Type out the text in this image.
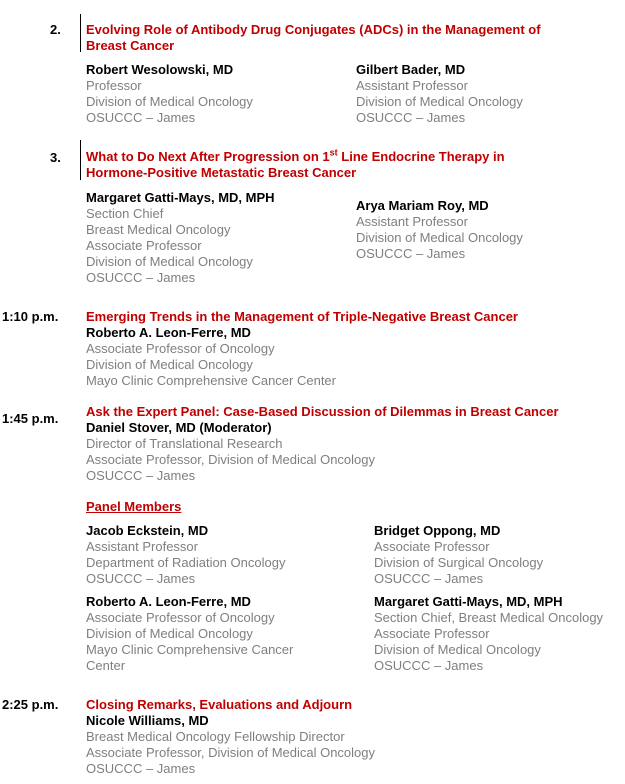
2. Evolving Role of Antibody Drug Conjugates (ADCs) in the Management of
Breast Cancer
Robert Wesolowski, MD
Professor
Division of Medical Oncology
OSUCCC – James
Gilbert Bader, MD
Assistant Professor
Division of Medical Oncology
OSUCCC – James
3. What to Do Next After Progression on 1st Line Endocrine Therapy in
Hormone-Positive Metastatic Breast Cancer
Margaret Gatti-Mays, MD, MPH
Section Chief
Breast Medical Oncology
Associate Professor
Division of Medical Oncology
OSUCCC – James
Arya Mariam Roy, MD
Assistant Professor
Division of Medical Oncology
OSUCCC – James
1:10 p.m. Emerging Trends in the Management of Triple-Negative Breast Cancer
Roberto A. Leon-Ferre, MD
Associate Professor of Oncology
Division of Medical Oncology
Mayo Clinic Comprehensive Cancer Center
1:45 p.m. Ask the Expert Panel: Case-Based Discussion of Dilemmas in Breast Cancer
Daniel Stover, MD (Moderator)
Director of Translational Research
Associate Professor, Division of Medical Oncology
OSUCCC – James
Panel Members
Jacob Eckstein, MD
Assistant Professor
Department of Radiation Oncology
OSUCCC – James
Bridget Oppong, MD
Associate Professor
Division of Surgical Oncology
OSUCCC – James
Roberto A. Leon-Ferre, MD
Associate Professor of Oncology
Division of Medical Oncology
Mayo Clinic Comprehensive Cancer
Center
Margaret Gatti-Mays, MD, MPH
Section Chief, Breast Medical Oncology
Associate Professor
Division of Medical Oncology
OSUCCC – James
2:25 p.m. Closing Remarks, Evaluations and Adjourn
Nicole Williams, MD
Breast Medical Oncology Fellowship Director
Associate Professor, Division of Medical Oncology
OSUCCC – James
